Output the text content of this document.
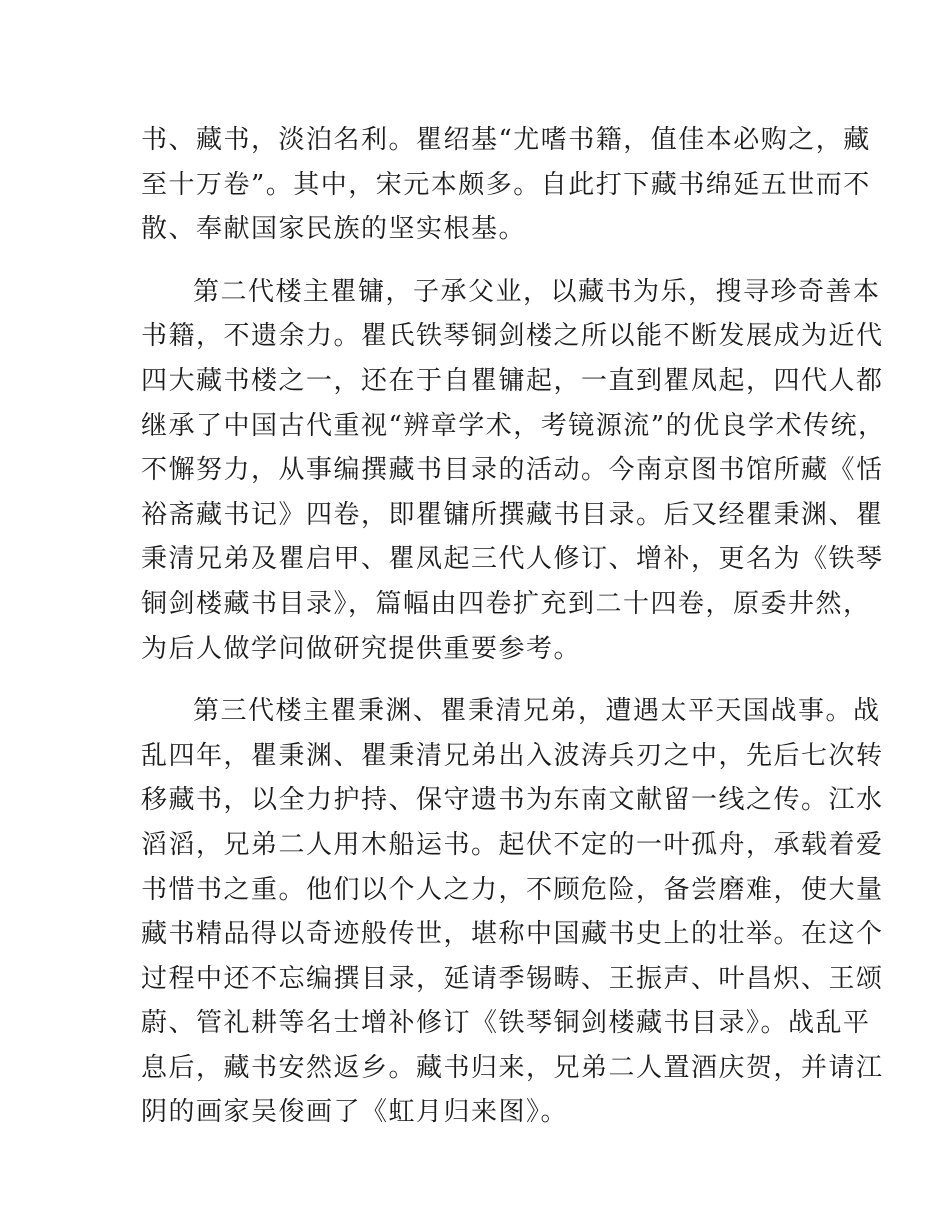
书、藏书，淡泊名利。瞿绍基“尤嗜书籍，值佳本必购之，藏
至十万卷”。其中，宋元本颇多。自此打下藏书绵延五世而不
散、奉献国家民族的坚实根基。
第二代楼主瞿镛，子承父业，以藏书为乐，搜寻珍奇善本
书籍，不遗余力。瞿氏铁琴铜剑楼之所以能不断发展成为近代
四大藏书楼之一，还在于自瞿镛起，一直到瞿凤起，四代人都
继承了中国古代重视“辨章学术，考镜源流”的优良学术传统，
不懈努力，从事编撰藏书目录的活动。今南京图书馆所藏《恬
裕斋藏书记》四卷，即瞿镛所撰藏书目录。后又经瞿秉渊、瞿
秉清兄弟及瞿启甲、瞿凤起三代人修订、增补，更名为《铁琴
铜剑楼藏书目录》，篇幅由四卷扩充到二十四卷，原委井然，
为后人做学问做研究提供重要参考。
第三代楼主瞿秉渊、瞿秉清兄弟，遭遇太平天国战事。战
乱四年，瞿秉渊、瞿秉清兄弟出入波涛兵刃之中，先后七次转
移藏书，以全力护持、保守遗书为东南文献留一线之传。江水
滔滔，兄弟二人用木船运书。起伏不定的一叶孤舟，承载着爱
书惜书之重。他们以个人之力，不顾危险，备尝磨难，使大量
藏书精品得以奇迹般传世，堪称中国藏书史上的壮举。在这个
过程中还不忘编撰目录，延请季锡畴、王振声、叶昌炽、王颂
蔚、管礼耕等名士增补修订《铁琴铜剑楼藏书目录》。战乱平
息后，藏书安然返乡。藏书归来，兄弟二人置酒庆贺，并请江
阴的画家吴俊画了《虹月归来图》。
